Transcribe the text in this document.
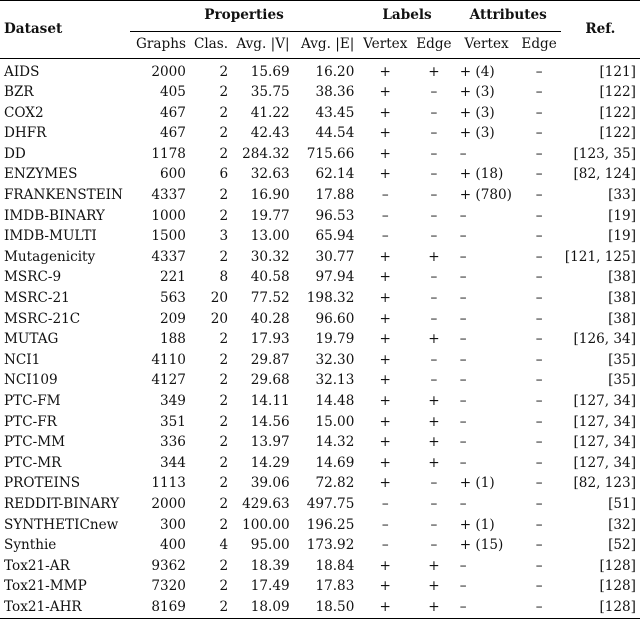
Dataset	Properties				Labels		Attributes		Ref.
	Graphs	Clas.	Avg. |V|	Avg. |E|	Vertex	Edge	Vertex	Edge	
AIDS	2000	2	15.69	16.20	+	+	+ (4)	–	[121]
BZR	405	2	35.75	38.36	+	–	+ (3)	–	[122]
COX2	467	2	41.22	43.45	+	–	+ (3)	–	[122]
DHFR	467	2	42.43	44.54	+	–	+ (3)	–	[122]
DD	1178	2	284.32	715.66	+	–	–	–	[123, 35]
ENZYMES	600	6	32.63	62.14	+	–	+ (18)	–	[82, 124]
FRANKENSTEIN	4337	2	16.90	17.88	–	–	+ (780)	–	[33]
IMDB-BINARY	1000	2	19.77	96.53	–	–	–	–	[19]
IMDB-MULTI	1500	3	13.00	65.94	–	–	–	–	[19]
Mutagenicity	4337	2	30.32	30.77	+	+	–	–	[121, 125]
MSRC-9	221	8	40.58	97.94	+	–	–	–	[38]
MSRC-21	563	20	77.52	198.32	+	–	–	–	[38]
MSRC-21C	209	20	40.28	96.60	+	–	–	–	[38]
MUTAG	188	2	17.93	19.79	+	+	–	–	[126, 34]
NCI1	4110	2	29.87	32.30	+	–	–	–	[35]
NCI109	4127	2	29.68	32.13	+	–	–	–	[35]
PTC-FM	349	2	14.11	14.48	+	+	–	–	[127, 34]
PTC-FR	351	2	14.56	15.00	+	+	–	–	[127, 34]
PTC-MM	336	2	13.97	14.32	+	+	–	–	[127, 34]
PTC-MR	344	2	14.29	14.69	+	+	–	–	[127, 34]
PROTEINS	1113	2	39.06	72.82	+	–	+ (1)	–	[82, 123]
REDDIT-BINARY	2000	2	429.63	497.75	–	–	–	–	[51]
SYNTHETICnew	300	2	100.00	196.25	–	–	+ (1)	–	[32]
Synthie	400	4	95.00	173.92	–	–	+ (15)	–	[52]
Tox21-AR	9362	2	18.39	18.84	+	+	–	–	[128]
Tox21-MMP	7320	2	17.49	17.83	+	+	–	–	[128]
Tox21-AHR	8169	2	18.09	18.50	+	+	–	–	[128]
